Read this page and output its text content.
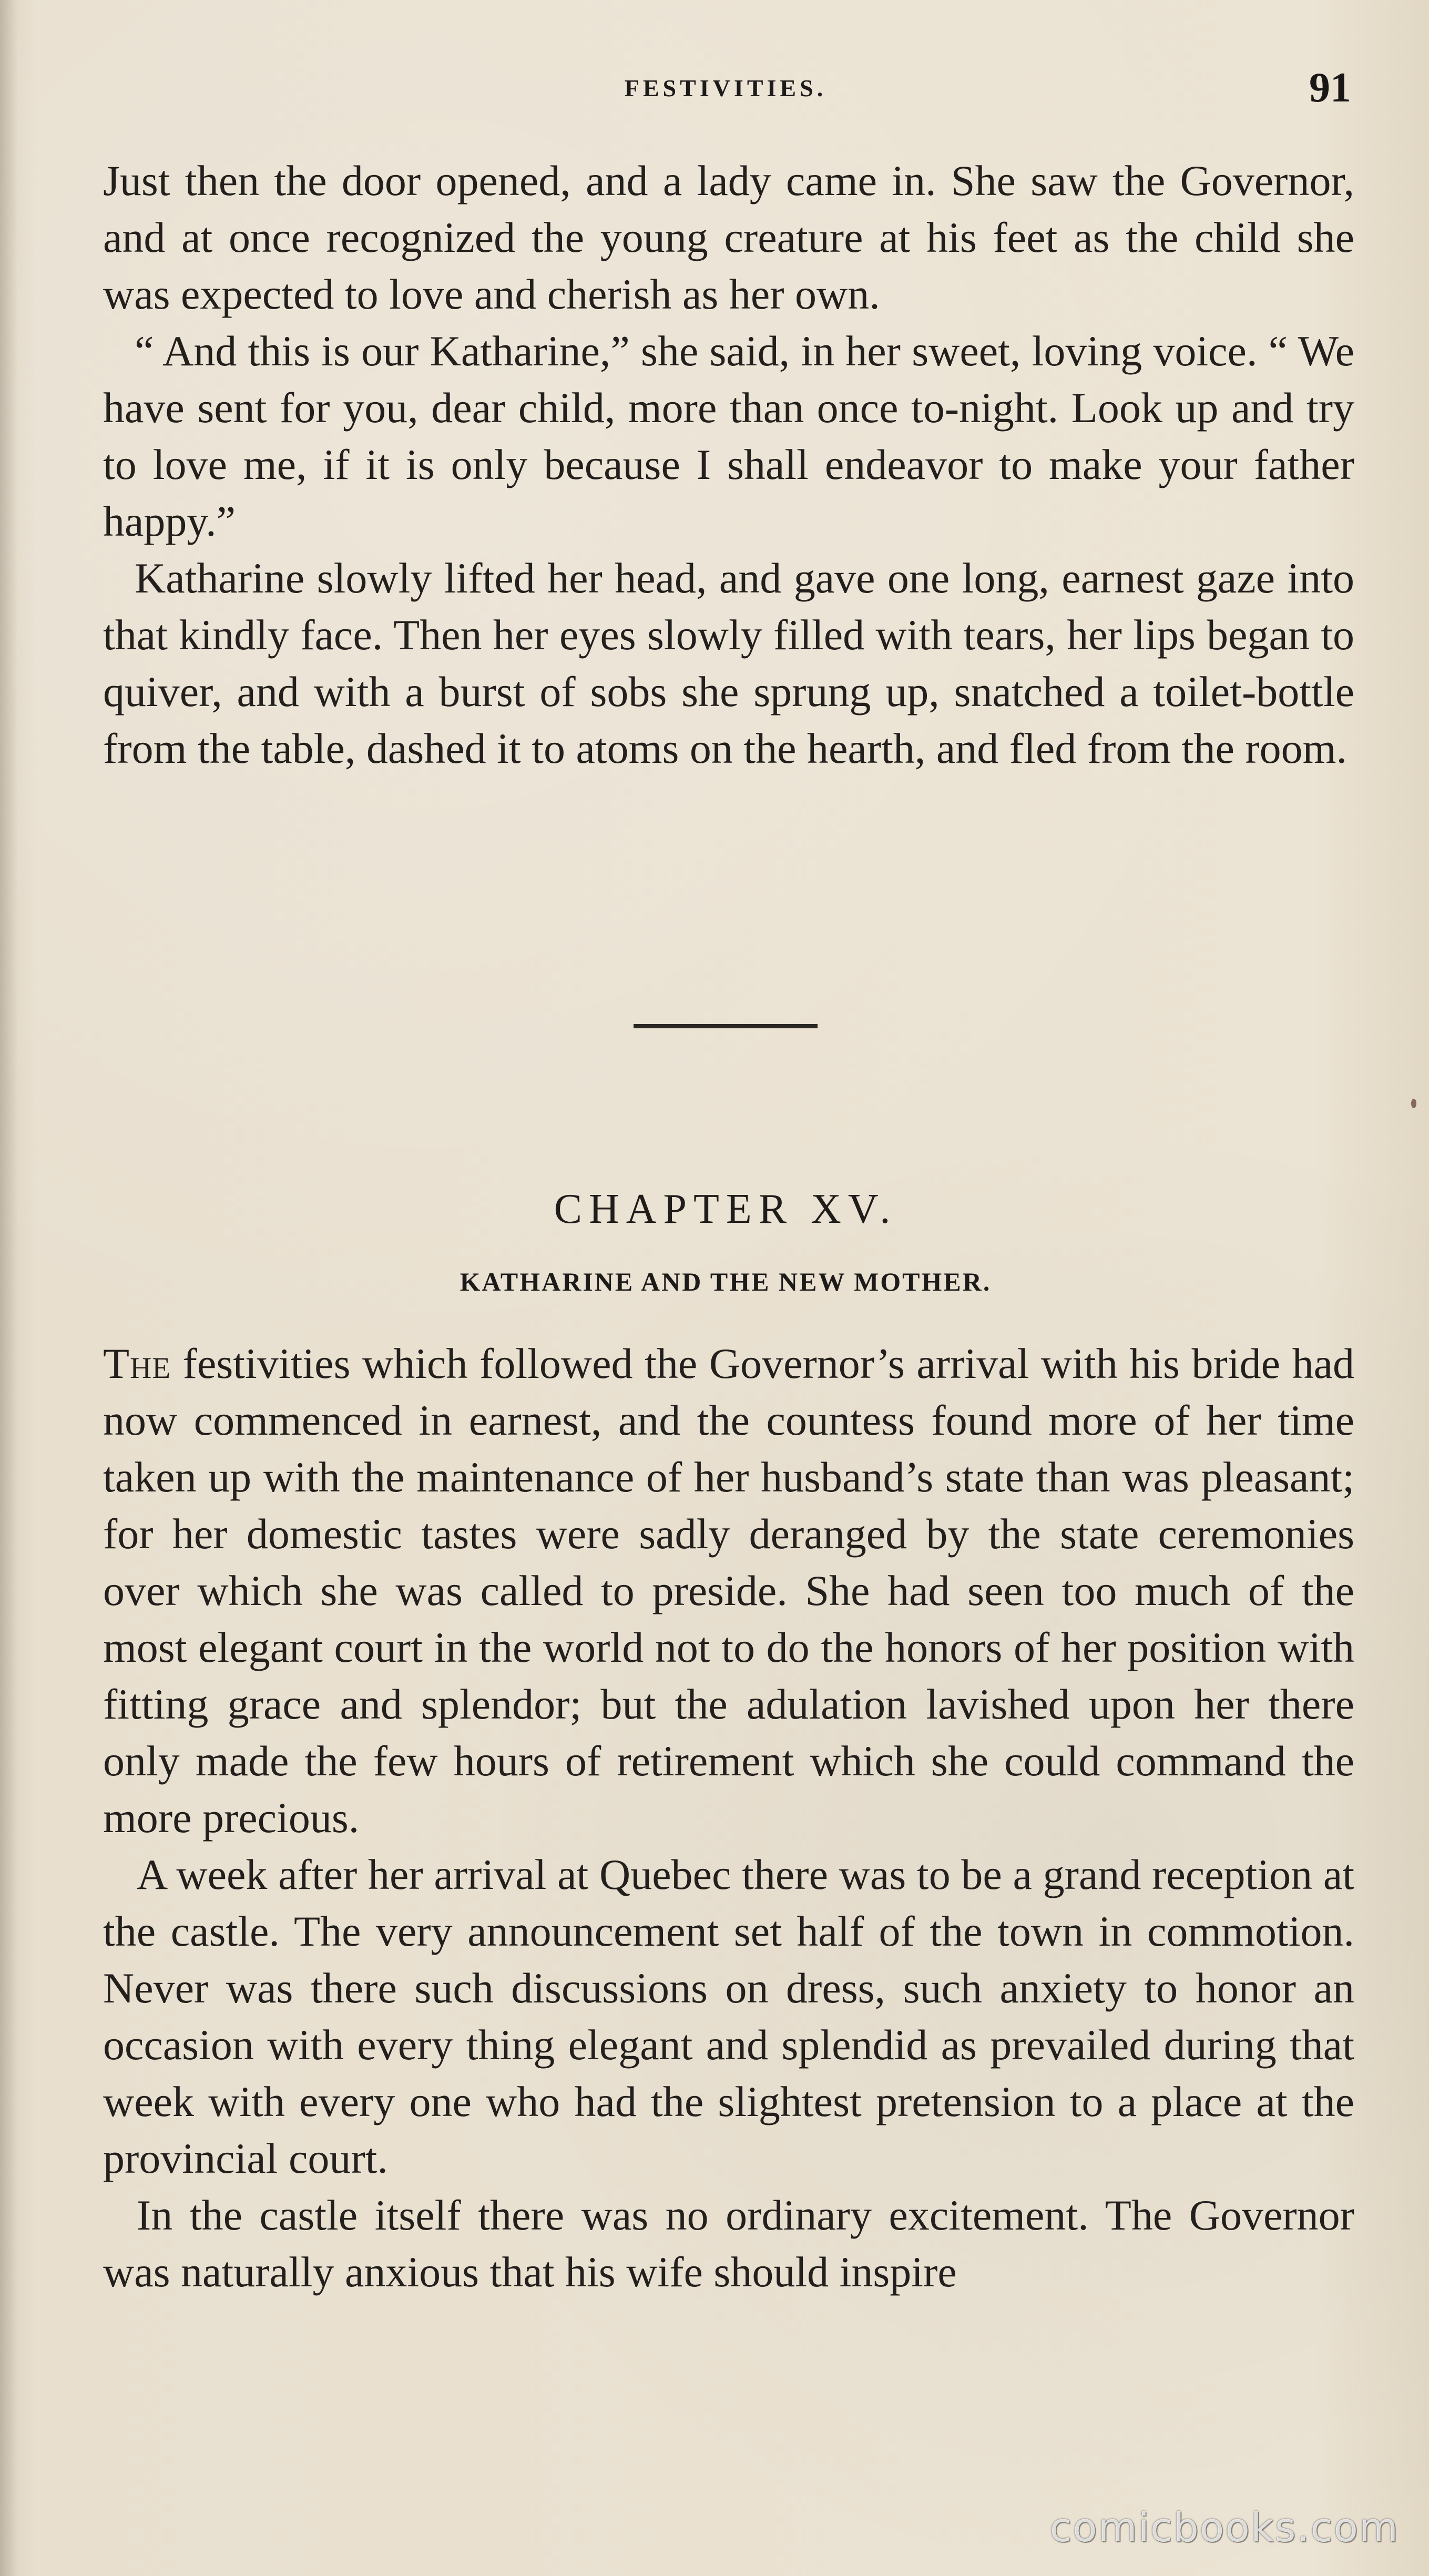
FESTIVITIES.	91

Just then the door opened, and a lady came in. She saw the Governor, and at once recognized the young creature at his feet as the child she was expected to love and cherish as her own.

“ And this is our Katharine,” she said, in her sweet, loving voice. “ We have sent for you, dear child, more than once to-night. Look up and try to love me, if it is only because I shall endeavor to make your father happy.”

Katharine slowly lifted her head, and gave one long, earnest gaze into that kindly face. Then her eyes slowly filled with tears, her lips began to quiver, and with a burst of sobs she sprung up, snatched a toilet-bottle from the table, dashed it to atoms on the hearth, and fled from the room.

CHAPTER XV.
KATHARINE AND THE NEW MOTHER.

The festivities which followed the Governor’s arrival with his bride had now commenced in earnest, and the countess found more of her time taken up with the maintenance of her husband’s state than was pleasant; for her domestic tastes were sadly deranged by the state ceremonies over which she was called to preside. She had seen too much of the most elegant court in the world not to do the honors of her position with fitting grace and splendor; but the adulation lavished upon her there only made the few hours of retirement which she could command the more precious.

A week after her arrival at Quebec there was to be a grand reception at the castle. The very announcement set half of the town in commotion. Never was there such discussions on dress, such anxiety to honor an occasion with every thing elegant and splendid as prevailed during that week with every one who had the slightest pretension to a place at the provincial court.

In the castle itself there was no ordinary excitement. The Governor was naturally anxious that his wife should inspire

comicbooks.com
